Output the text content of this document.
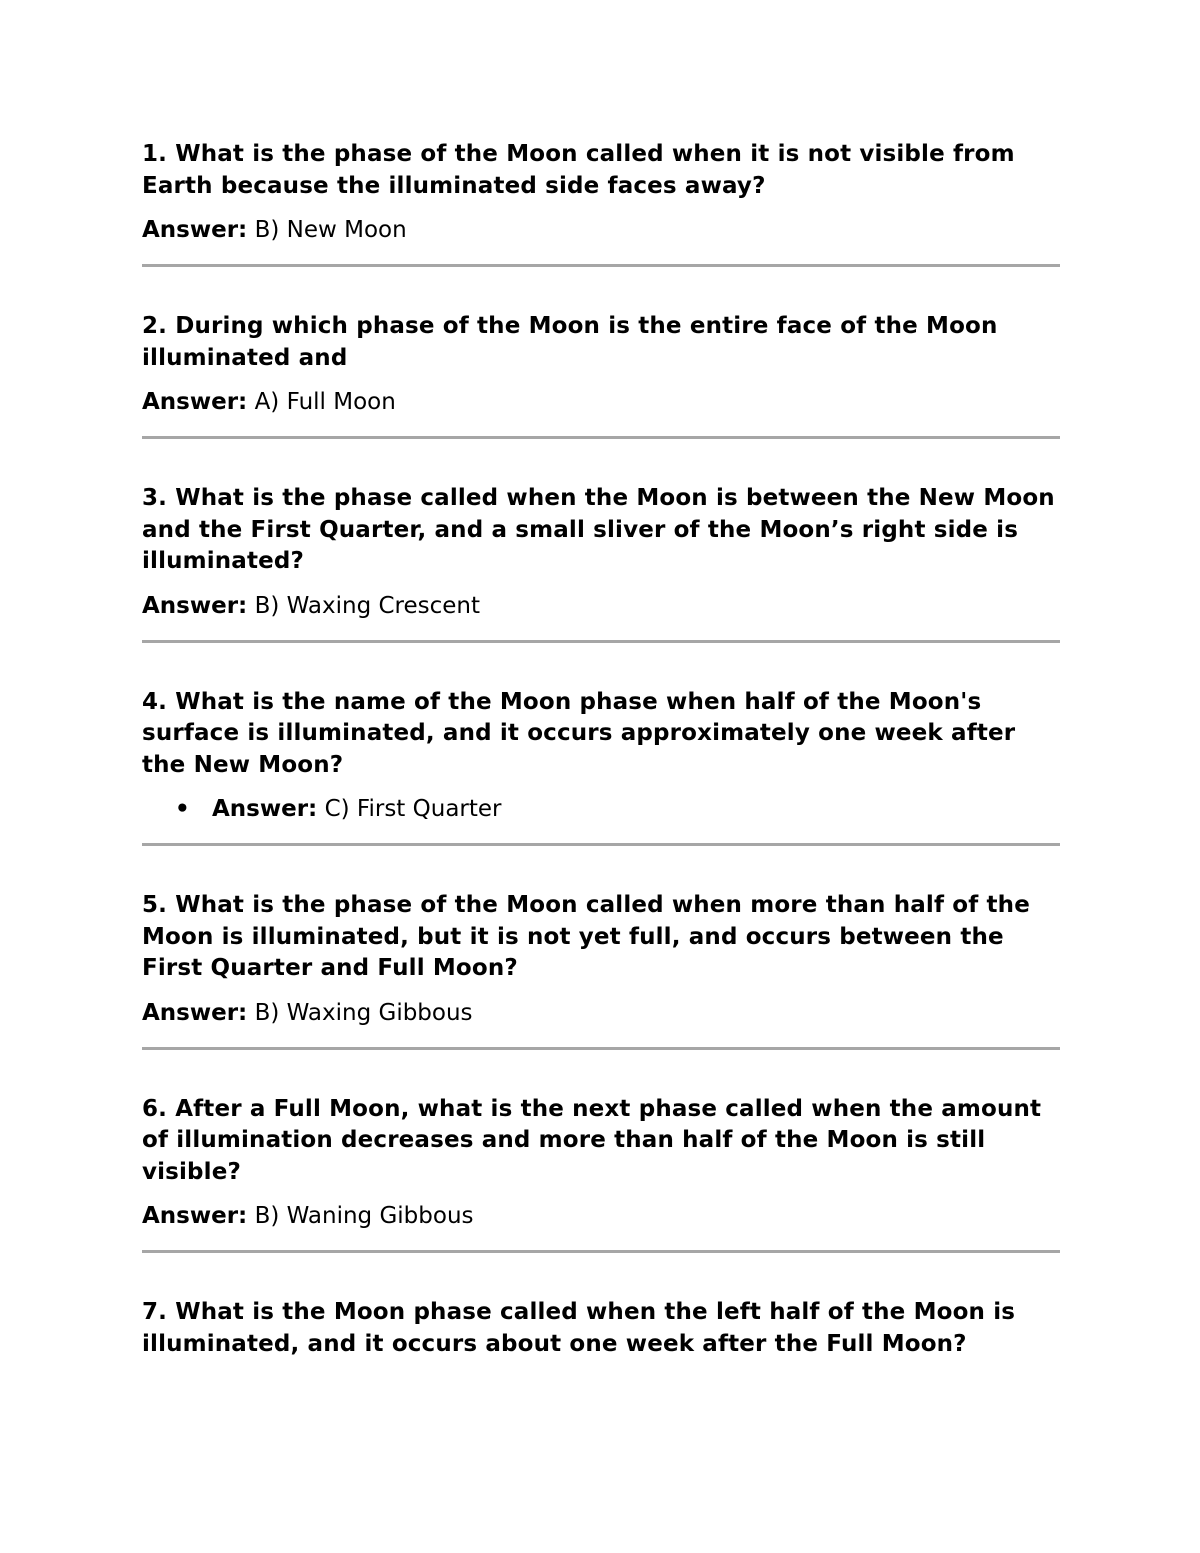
1. What is the phase of the Moon called when it is not visible from Earth because the illuminated side faces away?

Answer: B) New Moon

2. During which phase of the Moon is the entire face of the Moon illuminated and

Answer: A) Full Moon

3. What is the phase called when the Moon is between the New Moon and the First Quarter, and a small sliver of the Moon’s right side is illuminated?

Answer: B) Waxing Crescent

4. What is the name of the Moon phase when half of the Moon's surface is illuminated, and it occurs approximately one week after the New Moon?

• Answer: C) First Quarter

5. What is the phase of the Moon called when more than half of the Moon is illuminated, but it is not yet full, and occurs between the First Quarter and Full Moon?

Answer: B) Waxing Gibbous

6. After a Full Moon, what is the next phase called when the amount of illumination decreases and more than half of the Moon is still visible?

Answer: B) Waning Gibbous

7. What is the Moon phase called when the left half of the Moon is illuminated, and it occurs about one week after the Full Moon?
